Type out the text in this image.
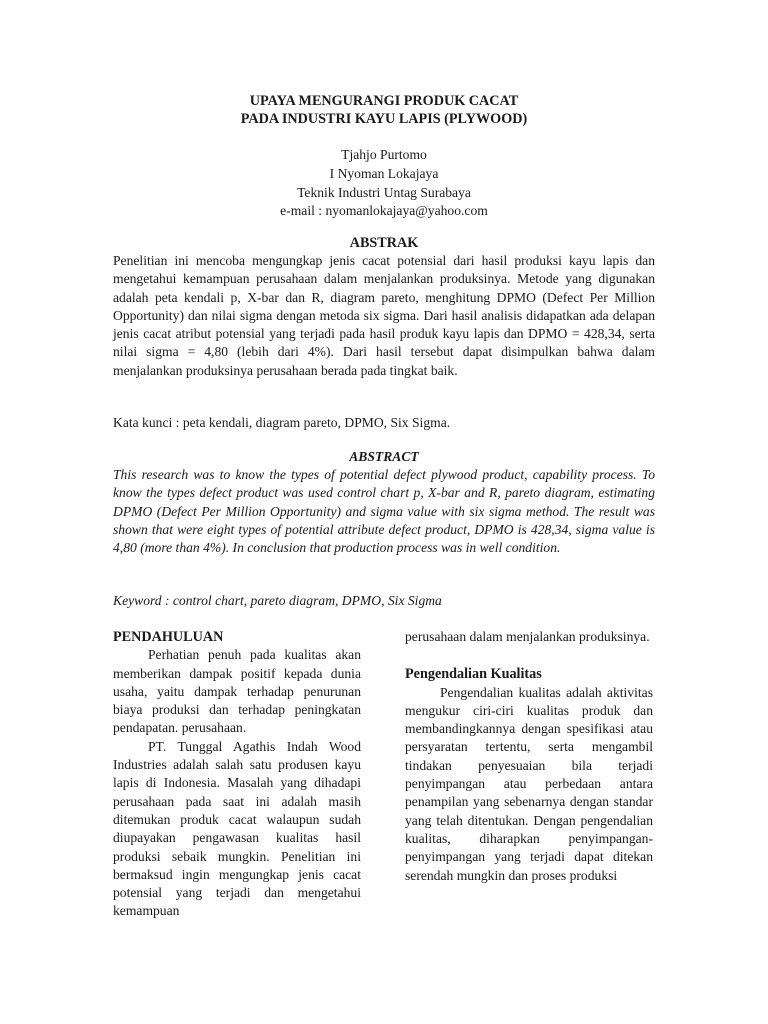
UPAYA MENGURANGI PRODUK CACAT
PADA INDUSTRI KAYU LAPIS (PLYWOOD)
Tjahjo Purtomo
I Nyoman Lokajaya
Teknik Industri Untag Surabaya
e-mail : nyomanlokajaya@yahoo.com
ABSTRAK

Penelitian ini mencoba mengungkap jenis cacat potensial dari hasil produksi kayu lapis dan mengetahui kemampuan perusahaan dalam menjalankan produksinya. Metode yang digunakan adalah peta kendali p, X-bar dan R, diagram pareto, menghitung DPMO (Defect Per Million Opportunity) dan nilai sigma dengan metoda six sigma. Dari hasil analisis didapatkan ada delapan jenis cacat atribut potensial yang terjadi pada hasil produk kayu lapis dan DPMO = 428,34, serta nilai sigma = 4,80 (lebih dari 4%). Dari hasil tersebut dapat disimpulkan bahwa dalam menjalankan produksinya perusahaan berada pada tingkat baik.

Kata kunci : peta kendali, diagram pareto, DPMO, Six Sigma.

ABSTRACT

This research was to know the types of potential defect plywood product, capability process. To know the types defect product was used control chart p, X-bar and R, pareto diagram, estimating DPMO (Defect Per Million Opportunity) and sigma value with six sigma method. The result was shown that were eight types of potential attribute defect product, DPMO is 428,34, sigma value is 4,80 (more than 4%). In conclusion that production process was in well condition.

Keyword : control chart, pareto diagram, DPMO, Six Sigma

PENDAHULUAN

Perhatian penuh pada kualitas akan memberikan dampak positif kepada dunia usaha, yaitu dampak terhadap penurunan biaya produksi dan terhadap peningkatan pendapatan. perusahaan.

PT. Tunggal Agathis Indah Wood Industries adalah salah satu produsen kayu lapis di Indonesia. Masalah yang dihadapi perusahaan pada saat ini adalah masih ditemukan produk cacat walaupun sudah diupayakan pengawasan kualitas hasil produksi sebaik mungkin. Penelitian ini bermaksud ingin mengungkap jenis cacat potensial yang terjadi dan mengetahui kemampuan

perusahaan dalam menjalankan produksinya.

Pengendalian Kualitas

Pengendalian kualitas adalah aktivitas mengukur ciri-ciri kualitas produk dan membandingkannya dengan spesifikasi atau persyaratan tertentu, serta mengambil tindakan penyesuaian bila terjadi penyimpangan atau perbedaan antara penampilan yang sebenarnya dengan standar yang telah ditentukan. Dengan pengendalian kualitas, diharapkan penyimpangan-penyimpangan yang terjadi dapat ditekan serendah mungkin dan proses produksi
